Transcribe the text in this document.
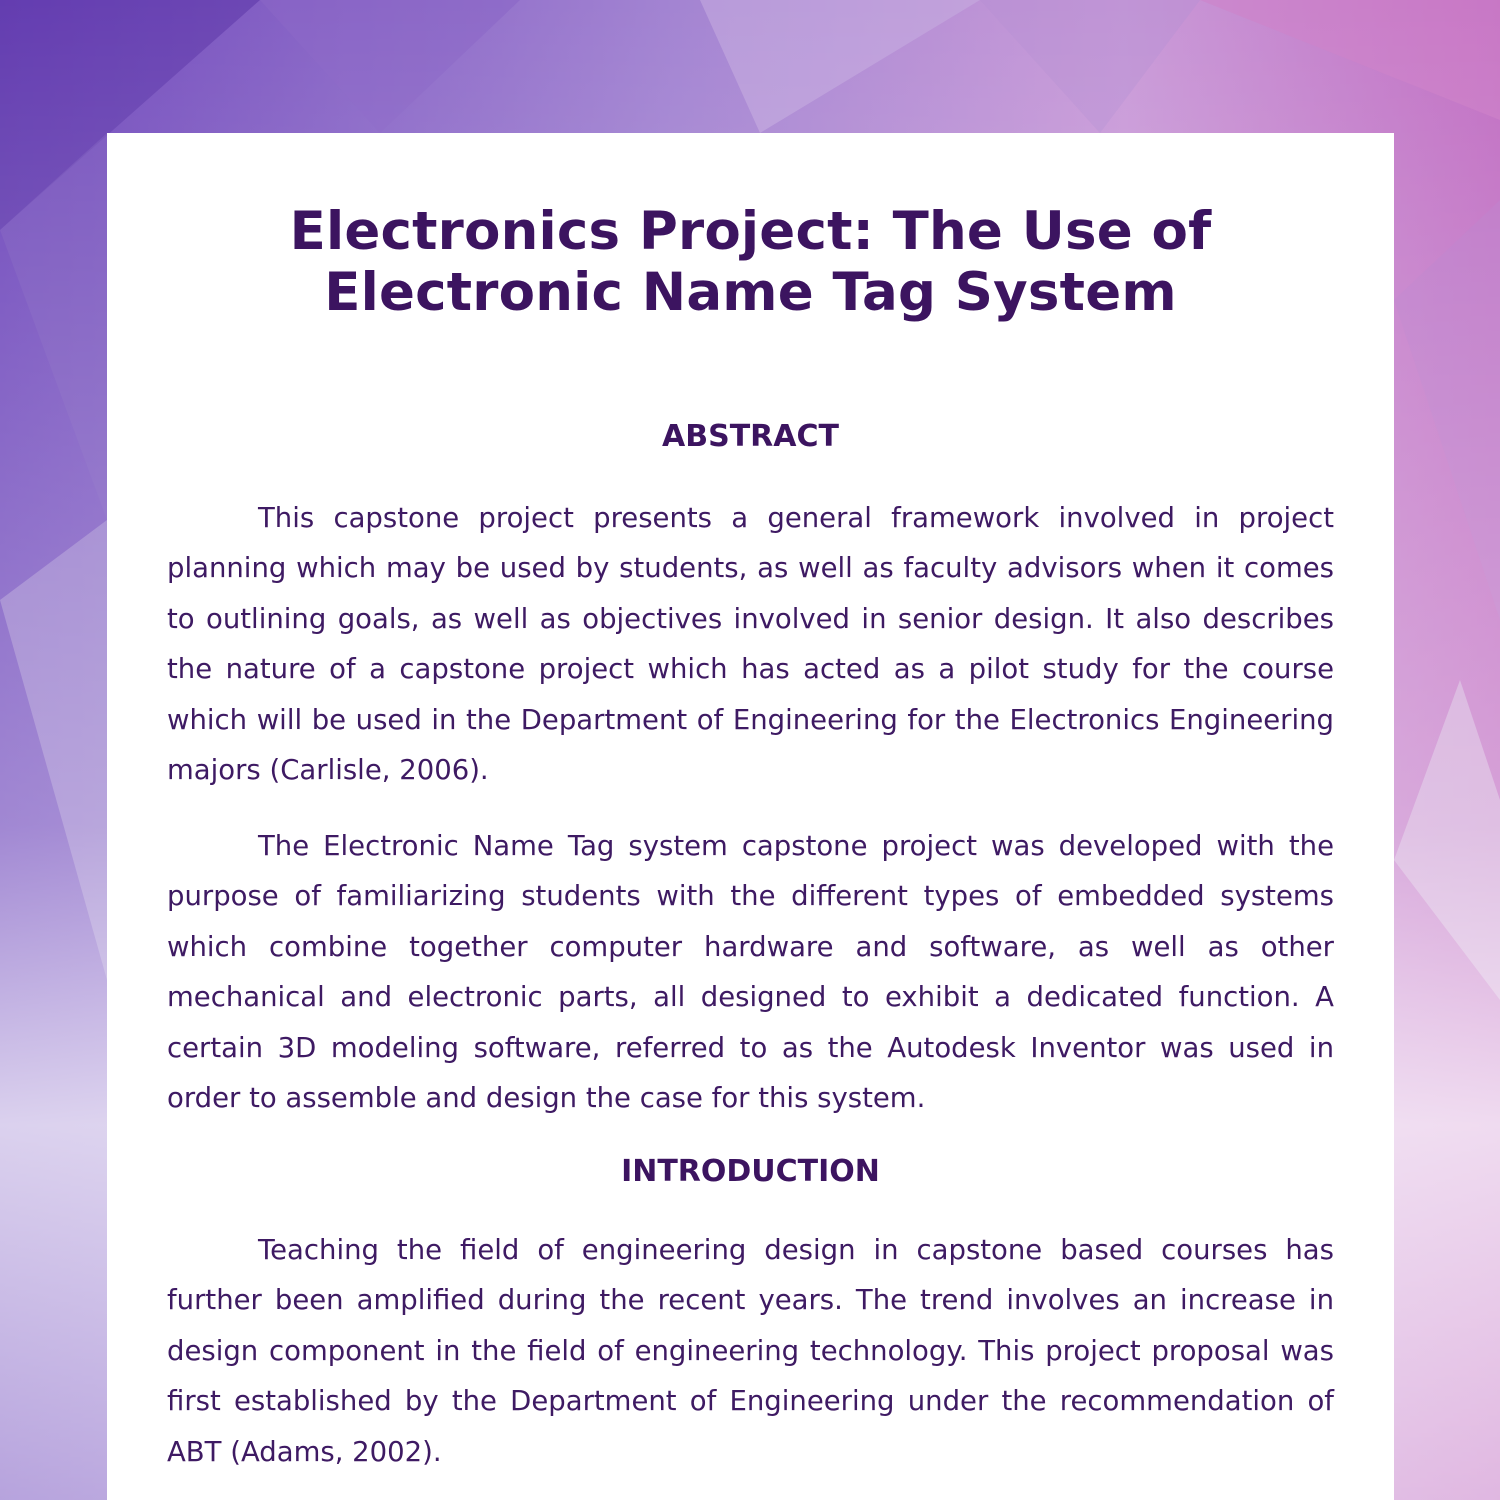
Electronics Project: The Use of
Electronic Name Tag System
ABSTRACT

This capstone project presents a general framework involved in project planning which may be used by students, as well as faculty advisors when it comes to outlining goals, as well as objectives involved in senior design. It also describes the nature of a capstone project which has acted as a pilot study for the course which will be used in the Department of Engineering for the Electronics Engineering majors (Carlisle, 2006).

The Electronic Name Tag system capstone project was developed with the purpose of familiarizing students with the different types of embedded systems which combine together computer hardware and software, as well as other mechanical and electronic parts, all designed to exhibit a dedicated function. A certain 3D modeling software, referred to as the Autodesk Inventor was used in order to assemble and design the case for this system.

INTRODUCTION

Teaching the field of engineering design in capstone based courses has further been amplified during the recent years. The trend involves an increase in design component in the field of engineering technology. This project proposal was first established by the Department of Engineering under the recommendation of ABT (Adams, 2002).
